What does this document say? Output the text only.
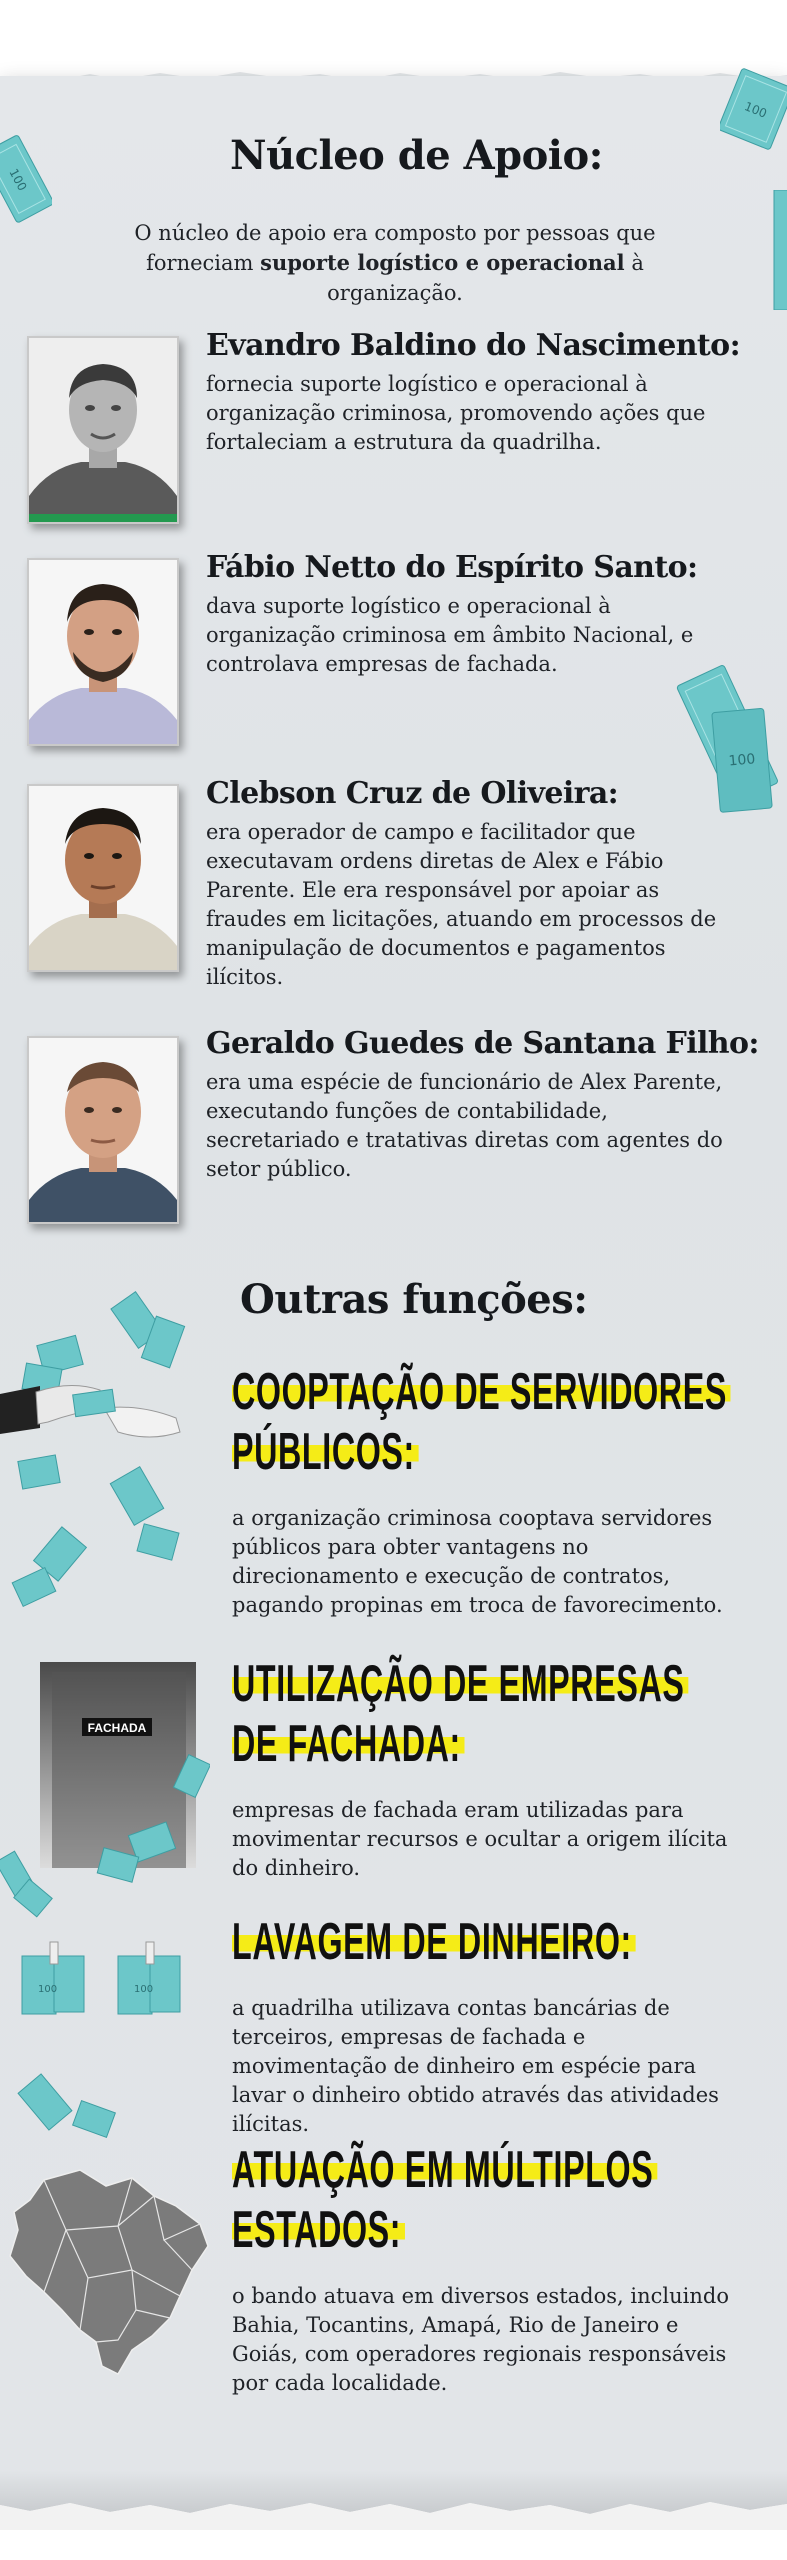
100
100
100
Núcleo de Apoio:
O núcleo de apoio era composto por pessoas que forneciam suporte logístico e operacional à organização.
Evandro Baldino do Nascimento:
fornecia suporte logístico e operacional à organização criminosa, promovendo ações que fortaleciam a estrutura da quadrilha.
Fábio Netto do Espírito Santo:
dava suporte logístico e operacional à organização criminosa em âmbito Nacional, e controlava empresas de fachada.
Clebson Cruz de Oliveira:
era operador de campo e facilitador que executavam ordens diretas de Alex e Fábio Parente. Ele era responsável por apoiar as fraudes em licitações, atuando em processos de manipulação de documentos e pagamentos ilícitos.
Geraldo Guedes de Santana Filho:
era uma espécie de funcionário de Alex Parente, executando funções de contabilidade, secretariado e tratativas diretas com agentes do setor público.
Outras funções:
COOPTAÇÃO DE SERVIDORES
PÚBLICOS:
a organização criminosa cooptava servidores públicos para obter vantagens no direcionamento e execução de contratos, pagando propinas em troca de favorecimento.
FACHADA
UTILIZAÇÃO DE EMPRESAS
DE FACHADA:
empresas de fachada eram utilizadas para movimentar recursos e ocultar a origem ilícita do dinheiro.
100	100
LAVAGEM DE DINHEIRO:
a quadrilha utilizava contas bancárias de terceiros, empresas de fachada e movimentação de dinheiro em espécie para lavar o dinheiro obtido através das atividades ilícitas.
ATUAÇÃO EM MÚLTIPLOS
ESTADOS:
o bando atuava em diversos estados, incluindo Bahia, Tocantins, Amapá, Rio de Janeiro e Goiás, com operadores regionais responsáveis por cada localidade.
